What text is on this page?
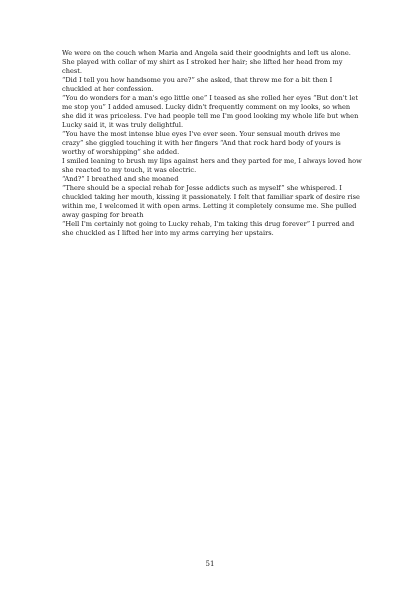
We were on the couch when Maria and Angela said their goodnights and left us alone. She played with collar of my shirt as I stroked her hair; she lifted her head from my chest.

“Did I tell you how handsome you are?” she asked, that threw me for a bit then I chuckled at her confession.

“You do wonders for a man's ego little one” I teased as she rolled her eyes “But don't let me stop you” I added amused. Lucky didn't frequently comment on my looks, so when she did it was priceless. I've had people tell me I'm good looking my whole life but when Lucky said it, it was truly delightful.

“You have the most intense blue eyes I've ever seen. Your sensual mouth drives me crazy” she giggled touching it with her fingers “And that rock hard body of yours is worthy of worshipping” she added.

I smiled leaning to brush my lips against hers and they parted for me, I always loved how she reacted to my touch, it was electric.

“And?” I breathed and she moaned

“There should be a special rehab for Jesse addicts such as myself” she whispered. I chuckled taking her mouth, kissing it passionately. I felt that familiar spark of desire rise within me, I welcomed it with open arms. Letting it completely consume me. She pulled away gasping for breath

“Hell I'm certainly not going to Lucky rehab, I'm taking this drug forever” I purred and she chuckled as I lifted her into my arms carrying her upstairs.

51
